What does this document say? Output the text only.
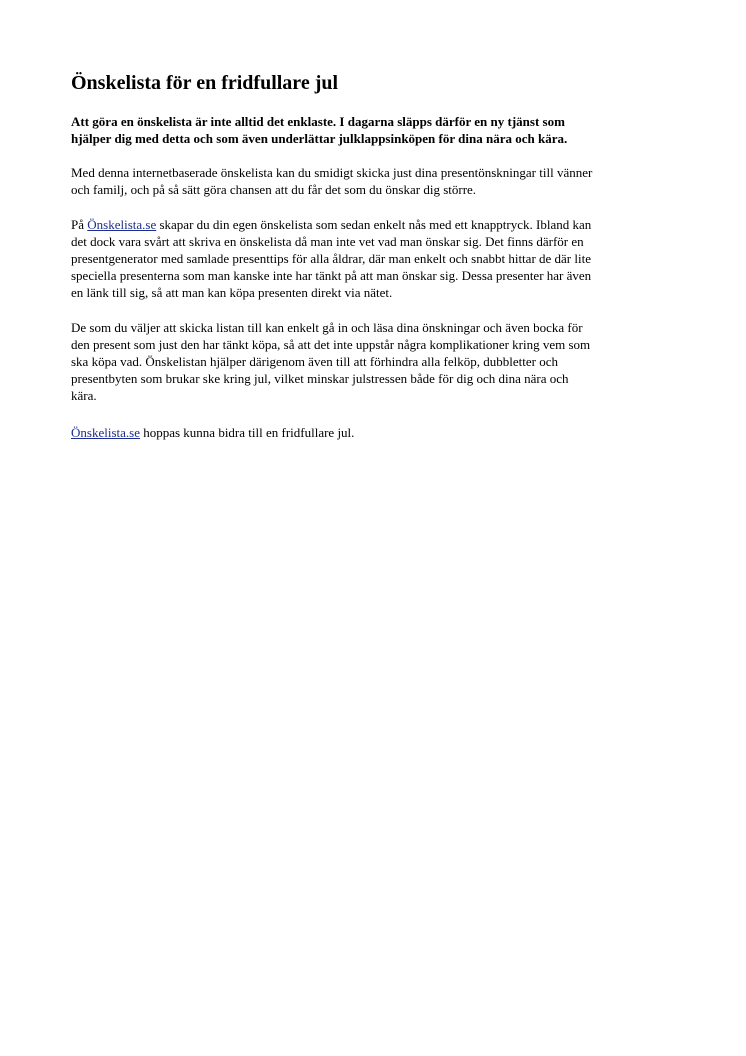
Önskelista för en fridfullare jul

Att göra en önskelista är inte alltid det enklaste. I dagarna släpps därför en ny tjänst som
hjälper dig med detta och som även underlättar julklappsinköpen för dina nära och kära.

Med denna internetbaserade önskelista kan du smidigt skicka just dina presentönskningar till vänner
och familj, och på så sätt göra chansen att du får det som du önskar dig större.

På Önskelista.se skapar du din egen önskelista som sedan enkelt nås med ett knapptryck. Ibland kan
det dock vara svårt att skriva en önskelista då man inte vet vad man önskar sig. Det finns därför en
presentgenerator med samlade presenttips för alla åldrar, där man enkelt och snabbt hittar de där lite
speciella presenterna som man kanske inte har tänkt på att man önskar sig. Dessa presenter har även
en länk till sig, så att man kan köpa presenten direkt via nätet.

De som du väljer att skicka listan till kan enkelt gå in och läsa dina önskningar och även bocka för
den present som just den har tänkt köpa, så att det inte uppstår några komplikationer kring vem som
ska köpa vad. Önskelistan hjälper därigenom även till att förhindra alla felköp, dubbletter och
presentbyten som brukar ske kring jul, vilket minskar julstressen både för dig och dina nära och
kära.

Önskelista.se hoppas kunna bidra till en fridfullare jul.
